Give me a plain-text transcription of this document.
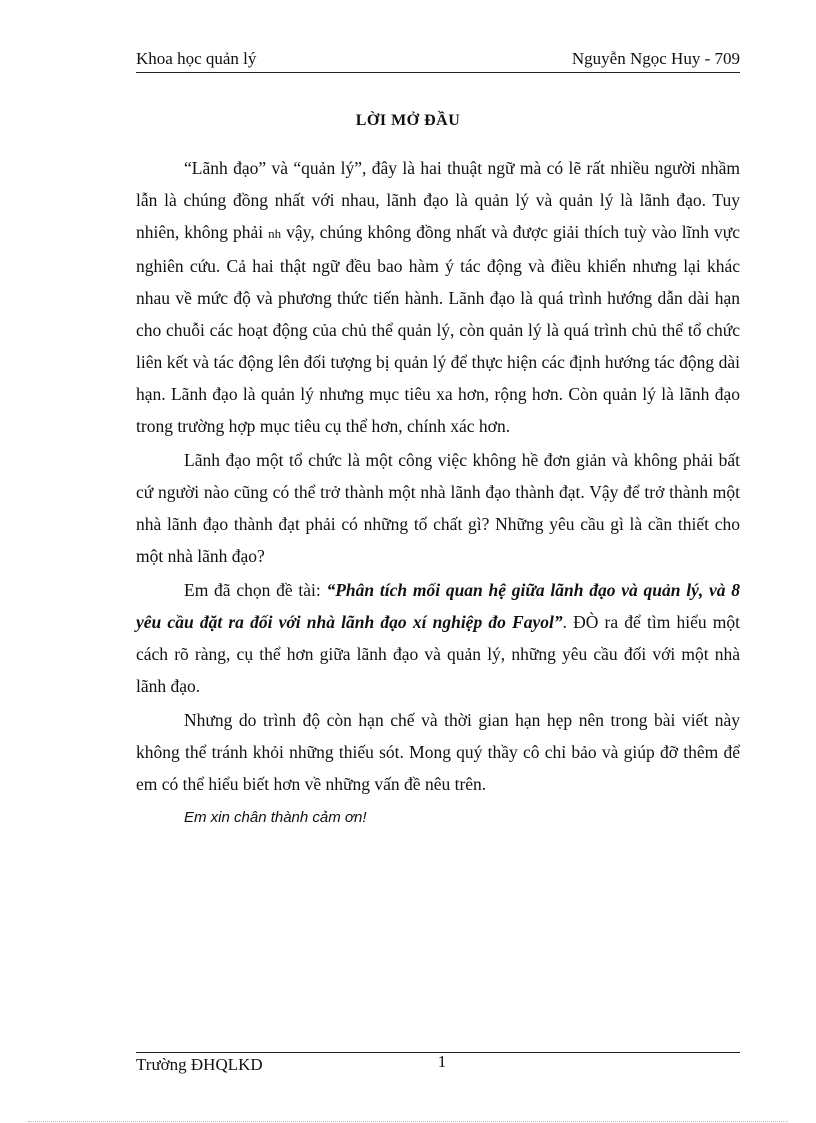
Khoa học quản lý	Nguyễn Ngọc Huy - 709
LỜI MỞ ĐẦU

“Lãnh đạo” và “quản lý”, đây là hai thuật ngữ mà có lẽ rất nhiều người nhầm lẫn là chúng đồng nhất với nhau, lãnh đạo là quản lý và quản lý là lãnh đạo. Tuy nhiên, không phải nh vậy, chúng không đồng nhất và được giải thích tuỳ vào lĩnh vực nghiên cứu. Cả hai thật ngữ đều bao hàm ý tác động và điều khiển nhưng lại khác nhau về mức độ và phương thức tiến hành. Lãnh đạo là quá trình hướng dẫn dài hạn cho chuỗi các hoạt động của chủ thể quản lý, còn quản lý là quá trình chủ thể tổ chức liên kết và tác động lên đối tượng bị quản lý để thực hiện các định hướng tác động dài hạn. Lãnh đạo là quản lý nhưng mục tiêu xa hơn, rộng hơn. Còn quản lý là lãnh đạo trong trường hợp mục tiêu cụ thể hơn, chính xác hơn.

Lãnh đạo một tổ chức là một công việc không hề đơn giản và không phải bất cứ người nào cũng có thể trở thành một nhà lãnh đạo thành đạt. Vậy để trở thành một nhà lãnh đạo thành đạt phải có những tố chất gì? Những yêu cầu gì là cần thiết cho một nhà lãnh đạo?

Em đã chọn đề tài: “Phân tích mối quan hệ giữa lãnh đạo và quản lý, và 8 yêu cầu đặt ra đối với nhà lãnh đạo xí nghiệp đo Fayol”. ĐÒ ra để tìm hiểu một cách rõ ràng, cụ thể hơn giữa lãnh đạo và quản lý, những yêu cầu đối với một nhà lãnh đạo.

Nhưng do trình độ còn hạn chế và thời gian hạn hẹp nên trong bài viết này không thể tránh khỏi những thiếu sót. Mong quý thầy cô chỉ bảo và giúp đỡ thêm để em có thể hiểu biết hơn về những vấn đề nêu trên.

Em xin chân thành cảm ơn!

Trường ĐHQLKD	1
